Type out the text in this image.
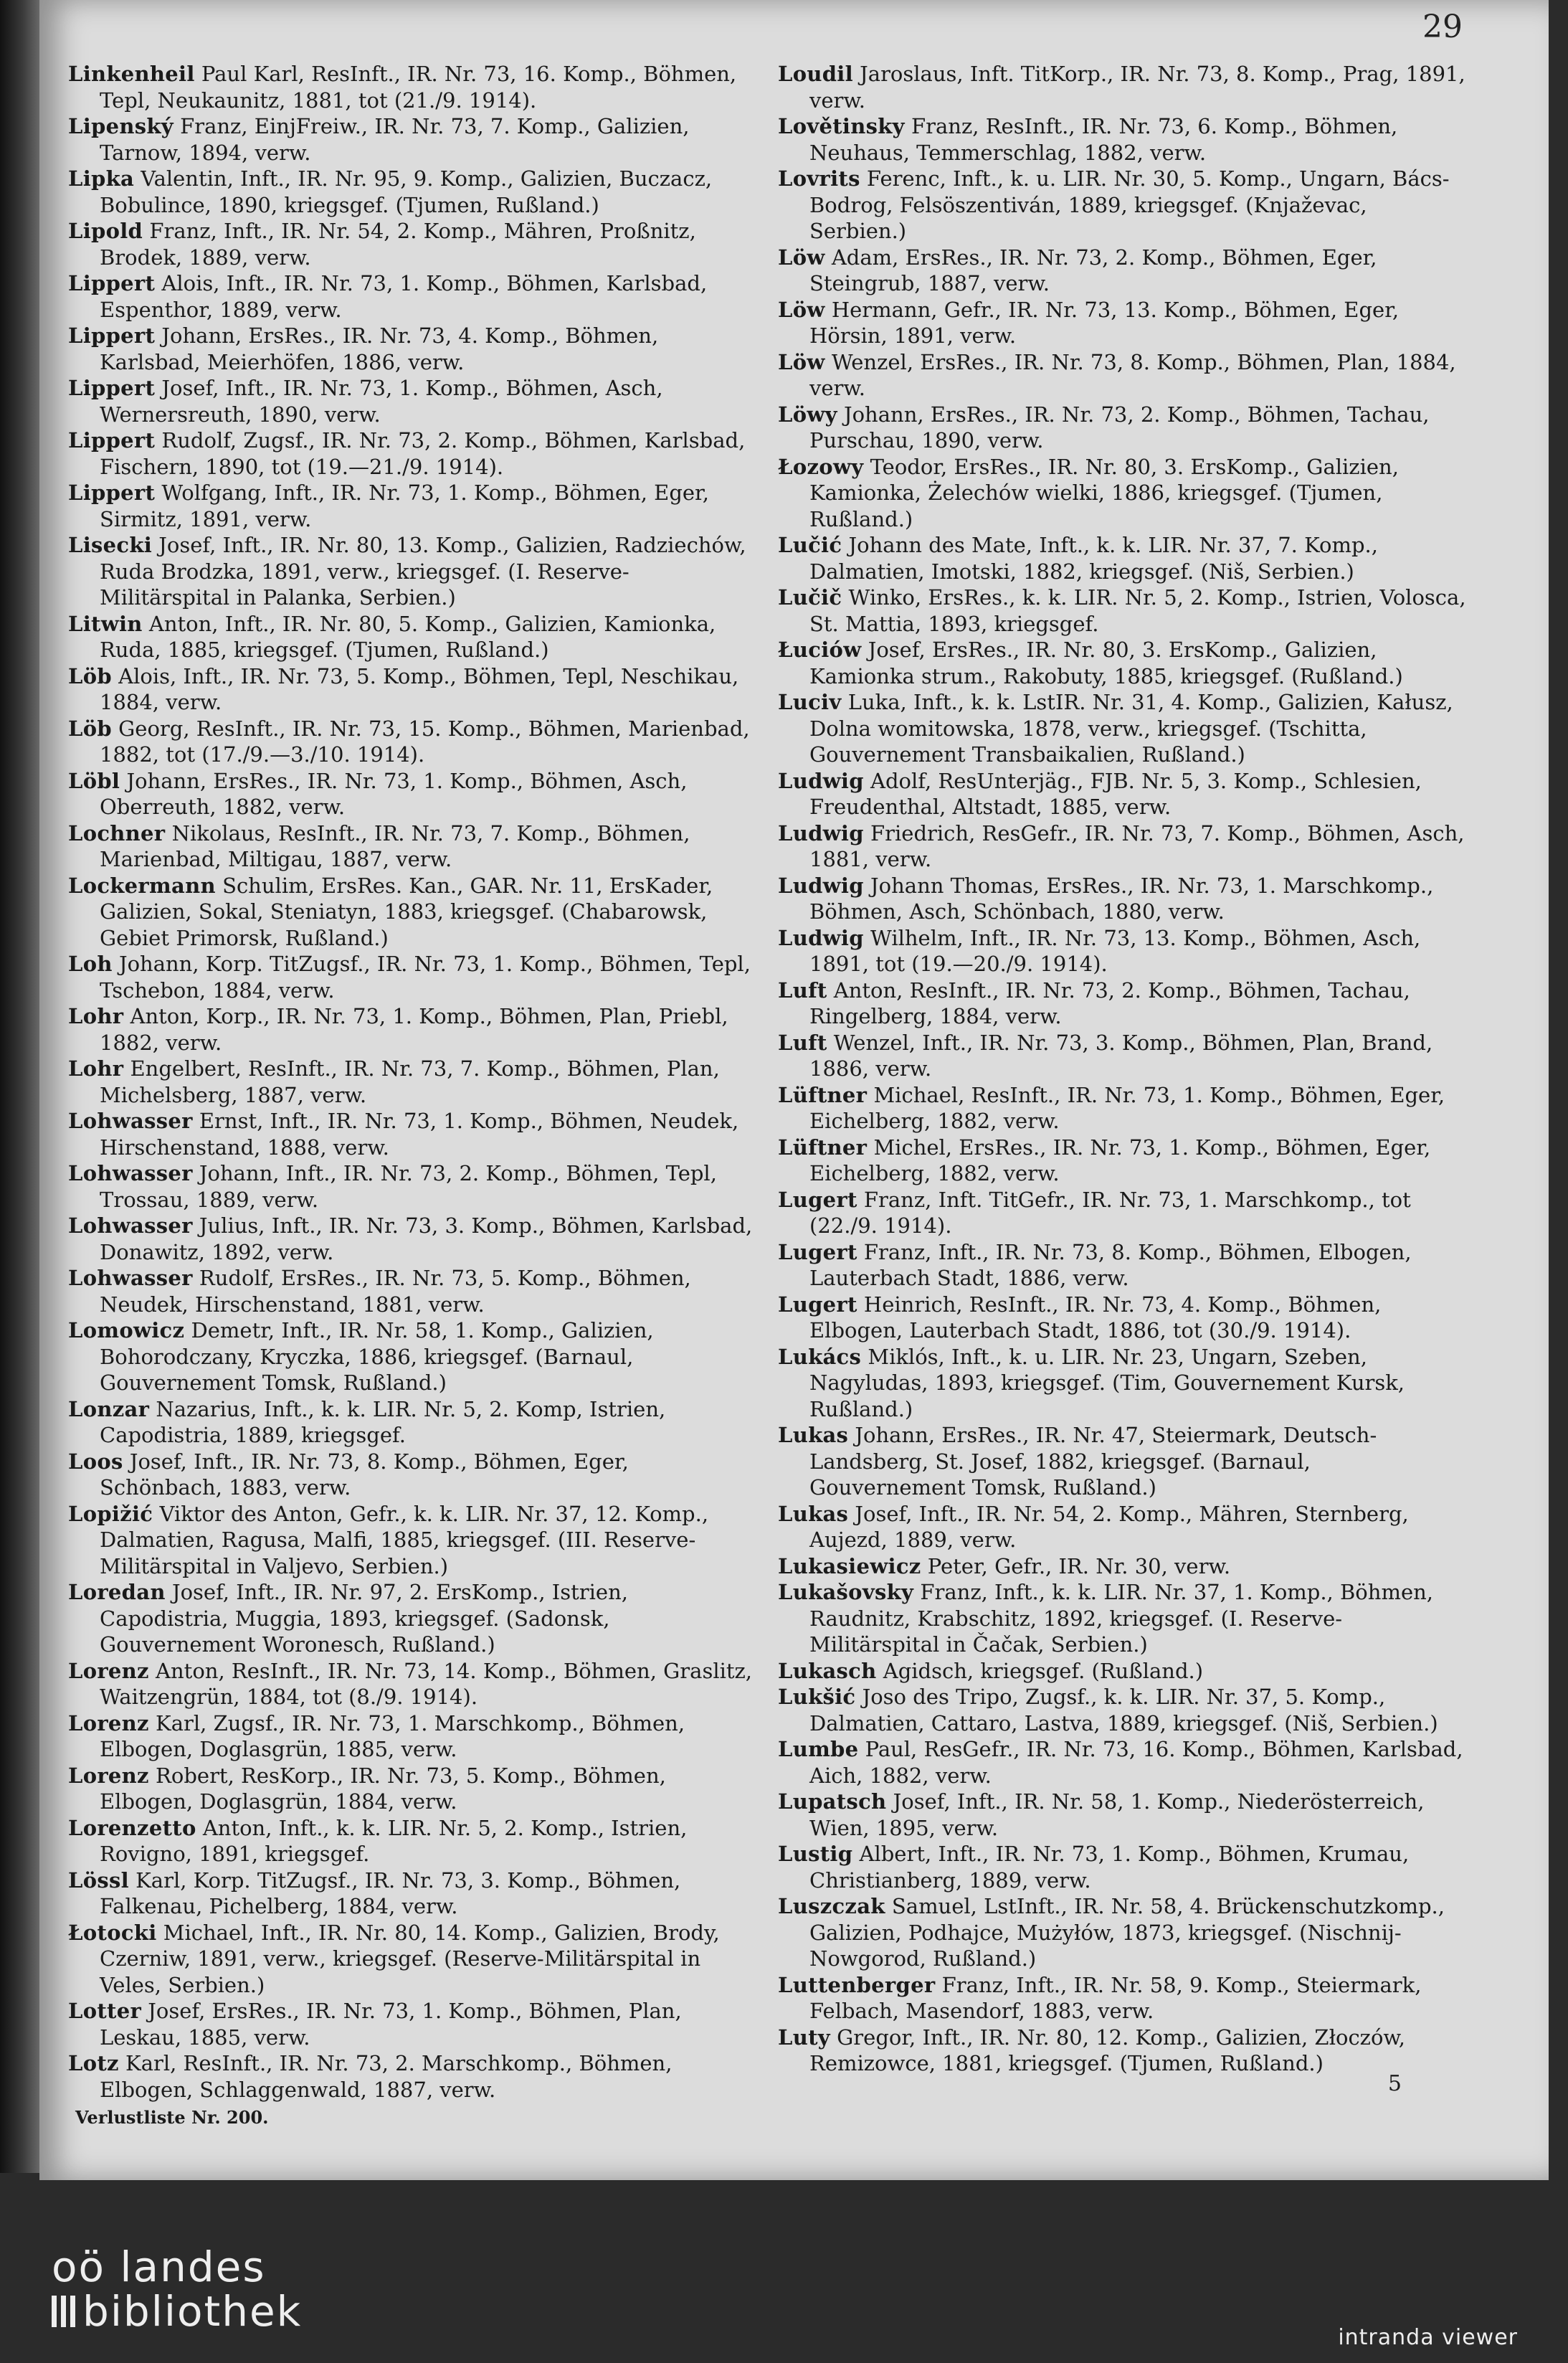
29

Linkenheil Paul Karl, ResInft., IR. Nr. 73, 16. Komp., Böhmen, Tepl, Neukaunitz, 1881, tot (21./9. 1914).

Lipenský Franz, EinjFreiw., IR. Nr. 73, 7. Komp., Galizien, Tarnow, 1894, verw.

Lipka Valentin, Inft., IR. Nr. 95, 9. Komp., Galizien, Buczacz, Bobulince, 1890, kriegsgef. (Tjumen, Rußland.)

Lipold Franz, Inft., IR. Nr. 54, 2. Komp., Mähren, Proßnitz, Brodek, 1889, verw.

Lippert Alois, Inft., IR. Nr. 73, 1. Komp., Böhmen, Karlsbad, Espenthor, 1889, verw.

Lippert Johann, ErsRes., IR. Nr. 73, 4. Komp., Böhmen, Karlsbad, Meierhöfen, 1886, verw.

Lippert Josef, Inft., IR. Nr. 73, 1. Komp., Böhmen, Asch, Wernersreuth, 1890, verw.

Lippert Rudolf, Zugsf., IR. Nr. 73, 2. Komp., Böhmen, Karlsbad, Fischern, 1890, tot (19.—21./9. 1914).

Lippert Wolfgang, Inft., IR. Nr. 73, 1. Komp., Böhmen, Eger, Sirmitz, 1891, verw.

Lisecki Josef, Inft., IR. Nr. 80, 13. Komp., Galizien, Radziechów, Ruda Brodzka, 1891, verw., kriegsgef. (I. Reserve-Militärspital in Palanka, Serbien.)

Litwin Anton, Inft., IR. Nr. 80, 5. Komp., Galizien, Kamionka, Ruda, 1885, kriegsgef. (Tjumen, Rußland.)

Löb Alois, Inft., IR. Nr. 73, 5. Komp., Böhmen, Tepl, Neschikau, 1884, verw.

Löb Georg, ResInft., IR. Nr. 73, 15. Komp., Böhmen, Marienbad, 1882, tot (17./9.—3./10. 1914).

Löbl Johann, ErsRes., IR. Nr. 73, 1. Komp., Böhmen, Asch, Oberreuth, 1882, verw.

Lochner Nikolaus, ResInft., IR. Nr. 73, 7. Komp., Böhmen, Marienbad, Miltigau, 1887, verw.

Lockermann Schulim, ErsRes. Kan., GAR. Nr. 11, ErsKader, Galizien, Sokal, Steniatyn, 1883, kriegsgef. (Chabarowsk, Gebiet Primorsk, Rußland.)

Loh Johann, Korp. TitZugsf., IR. Nr. 73, 1. Komp., Böhmen, Tepl, Tschebon, 1884, verw.

Lohr Anton, Korp., IR. Nr. 73, 1. Komp., Böhmen, Plan, Priebl, 1882, verw.

Lohr Engelbert, ResInft., IR. Nr. 73, 7. Komp., Böhmen, Plan, Michelsberg, 1887, verw.

Lohwasser Ernst, Inft., IR. Nr. 73, 1. Komp., Böhmen, Neudek, Hirschenstand, 1888, verw.

Lohwasser Johann, Inft., IR. Nr. 73, 2. Komp., Böhmen, Tepl, Trossau, 1889, verw.

Lohwasser Julius, Inft., IR. Nr. 73, 3. Komp., Böhmen, Karlsbad, Donawitz, 1892, verw.

Lohwasser Rudolf, ErsRes., IR. Nr. 73, 5. Komp., Böhmen, Neudek, Hirschenstand, 1881, verw.

Lomowicz Demetr, Inft., IR. Nr. 58, 1. Komp., Galizien, Bohorodczany, Kryczka, 1886, kriegsgef. (Barnaul, Gouvernement Tomsk, Rußland.)

Lonzar Nazarius, Inft., k. k. LIR. Nr. 5, 2. Komp, Istrien, Capodistria, 1889, kriegsgef.

Loos Josef, Inft., IR. Nr. 73, 8. Komp., Böhmen, Eger, Schönbach, 1883, verw.

Lopižić Viktor des Anton, Gefr., k. k. LIR. Nr. 37, 12. Komp., Dalmatien, Ragusa, Malfi, 1885, kriegsgef. (III. Reserve-Militärspital in Valjevo, Serbien.)

Loredan Josef, Inft., IR. Nr. 97, 2. ErsKomp., Istrien, Capodistria, Muggia, 1893, kriegsgef. (Sadonsk, Gouvernement Woronesch, Rußland.)

Lorenz Anton, ResInft., IR. Nr. 73, 14. Komp., Böhmen, Graslitz, Waitzengrün, 1884, tot (8./9. 1914).

Lorenz Karl, Zugsf., IR. Nr. 73, 1. Marschkomp., Böhmen, Elbogen, Doglasgrün, 1885, verw.

Lorenz Robert, ResKorp., IR. Nr. 73, 5. Komp., Böhmen, Elbogen, Doglasgrün, 1884, verw.

Lorenzetto Anton, Inft., k. k. LIR. Nr. 5, 2. Komp., Istrien, Rovigno, 1891, kriegsgef.

Lössl Karl, Korp. TitZugsf., IR. Nr. 73, 3. Komp., Böhmen, Falkenau, Pichelberg, 1884, verw.

Łotocki Michael, Inft., IR. Nr. 80, 14. Komp., Galizien, Brody, Czerniw, 1891, verw., kriegsgef. (Reserve-Militärspital in Veles, Serbien.)

Lotter Josef, ErsRes., IR. Nr. 73, 1. Komp., Böhmen, Plan, Leskau, 1885, verw.

Lotz Karl, ResInft., IR. Nr. 73, 2. Marschkomp., Böhmen, Elbogen, Schlaggenwald, 1887, verw.

Verlustliste Nr. 200.

Loudil Jaroslaus, Inft. TitKorp., IR. Nr. 73, 8. Komp., Prag, 1891, verw.

Lovětinsky Franz, ResInft., IR. Nr. 73, 6. Komp., Böhmen, Neuhaus, Temmerschlag, 1882, verw.

Lovrits Ferenc, Inft., k. u. LIR. Nr. 30, 5. Komp., Ungarn, Bács-Bodrog, Felsöszentiván, 1889, kriegsgef. (Knjaževac, Serbien.)

Löw Adam, ErsRes., IR. Nr. 73, 2. Komp., Böhmen, Eger, Steingrub, 1887, verw.

Löw Hermann, Gefr., IR. Nr. 73, 13. Komp., Böhmen, Eger, Hörsin, 1891, verw.

Löw Wenzel, ErsRes., IR. Nr. 73, 8. Komp., Böhmen, Plan, 1884, verw.

Löwy Johann, ErsRes., IR. Nr. 73, 2. Komp., Böhmen, Tachau, Purschau, 1890, verw.

Łozowy Teodor, ErsRes., IR. Nr. 80, 3. ErsKomp., Galizien, Kamionka, Żelechów wielki, 1886, kriegsgef. (Tjumen, Rußland.)

Lučić Johann des Mate, Inft., k. k. LIR. Nr. 37, 7. Komp., Dalmatien, Imotski, 1882, kriegsgef. (Niš, Serbien.)

Lučič Winko, ErsRes., k. k. LIR. Nr. 5, 2. Komp., Istrien, Volosca, St. Mattia, 1893, kriegsgef.

Łuciów Josef, ErsRes., IR. Nr. 80, 3. ErsKomp., Galizien, Kamionka strum., Rakobuty, 1885, kriegsgef. (Rußland.)

Luciv Luka, Inft., k. k. LstIR. Nr. 31, 4. Komp., Galizien, Kałusz, Dolna womitowska, 1878, verw., kriegsgef. (Tschitta, Gouvernement Transbaikalien, Rußland.)

Ludwig Adolf, ResUnterjäg., FJB. Nr. 5, 3. Komp., Schlesien, Freudenthal, Altstadt, 1885, verw.

Ludwig Friedrich, ResGefr., IR. Nr. 73, 7. Komp., Böhmen, Asch, 1881, verw.

Ludwig Johann Thomas, ErsRes., IR. Nr. 73, 1. Marschkomp., Böhmen, Asch, Schönbach, 1880, verw.

Ludwig Wilhelm, Inft., IR. Nr. 73, 13. Komp., Böhmen, Asch, 1891, tot (19.—20./9. 1914).

Luft Anton, ResInft., IR. Nr. 73, 2. Komp., Böhmen, Tachau, Ringelberg, 1884, verw.

Luft Wenzel, Inft., IR. Nr. 73, 3. Komp., Böhmen, Plan, Brand, 1886, verw.

Lüftner Michael, ResInft., IR. Nr. 73, 1. Komp., Böhmen, Eger, Eichelberg, 1882, verw.

Lüftner Michel, ErsRes., IR. Nr. 73, 1. Komp., Böhmen, Eger, Eichelberg, 1882, verw.

Lugert Franz, Inft. TitGefr., IR. Nr. 73, 1. Marschkomp., tot (22./9. 1914).

Lugert Franz, Inft., IR. Nr. 73, 8. Komp., Böhmen, Elbogen, Lauterbach Stadt, 1886, verw.

Lugert Heinrich, ResInft., IR. Nr. 73, 4. Komp., Böhmen, Elbogen, Lauterbach Stadt, 1886, tot (30./9. 1914).

Lukács Miklós, Inft., k. u. LIR. Nr. 23, Ungarn, Szeben, Nagyludas, 1893, kriegsgef. (Tim, Gouvernement Kursk, Rußland.)

Lukas Johann, ErsRes., IR. Nr. 47, Steiermark, Deutsch-Landsberg, St. Josef, 1882, kriegsgef. (Barnaul, Gouvernement Tomsk, Rußland.)

Lukas Josef, Inft., IR. Nr. 54, 2. Komp., Mähren, Sternberg, Aujezd, 1889, verw.

Lukasiewicz Peter, Gefr., IR. Nr. 30, verw.

Lukašovsky Franz, Inft., k. k. LIR. Nr. 37, 1. Komp., Böhmen, Raudnitz, Krabschitz, 1892, kriegsgef. (I. Reserve-Militärspital in Čačak, Serbien.)

Lukasch Agidsch, kriegsgef. (Rußland.)

Lukšić Joso des Tripo, Zugsf., k. k. LIR. Nr. 37, 5. Komp., Dalmatien, Cattaro, Lastva, 1889, kriegsgef. (Niš, Serbien.)

Lumbe Paul, ResGefr., IR. Nr. 73, 16. Komp., Böhmen, Karlsbad, Aich, 1882, verw.

Lupatsch Josef, Inft., IR. Nr. 58, 1. Komp., Niederösterreich, Wien, 1895, verw.

Lustig Albert, Inft., IR. Nr. 73, 1. Komp., Böhmen, Krumau, Christianberg, 1889, verw.

Luszczak Samuel, LstInft., IR. Nr. 58, 4. Brückenschutzkomp., Galizien, Podhajce, Mużyłów, 1873, kriegsgef. (Nischnij-Nowgorod, Rußland.)

Luttenberger Franz, Inft., IR. Nr. 58, 9. Komp., Steiermark, Felbach, Masendorf, 1883, verw.

Luty Gregor, Inft., IR. Nr. 80, 12. Komp., Galizien, Złoczów, Remizowce, 1881, kriegsgef. (Tjumen, Rußland.)

5
oö landes
bibliothek
intranda viewer
